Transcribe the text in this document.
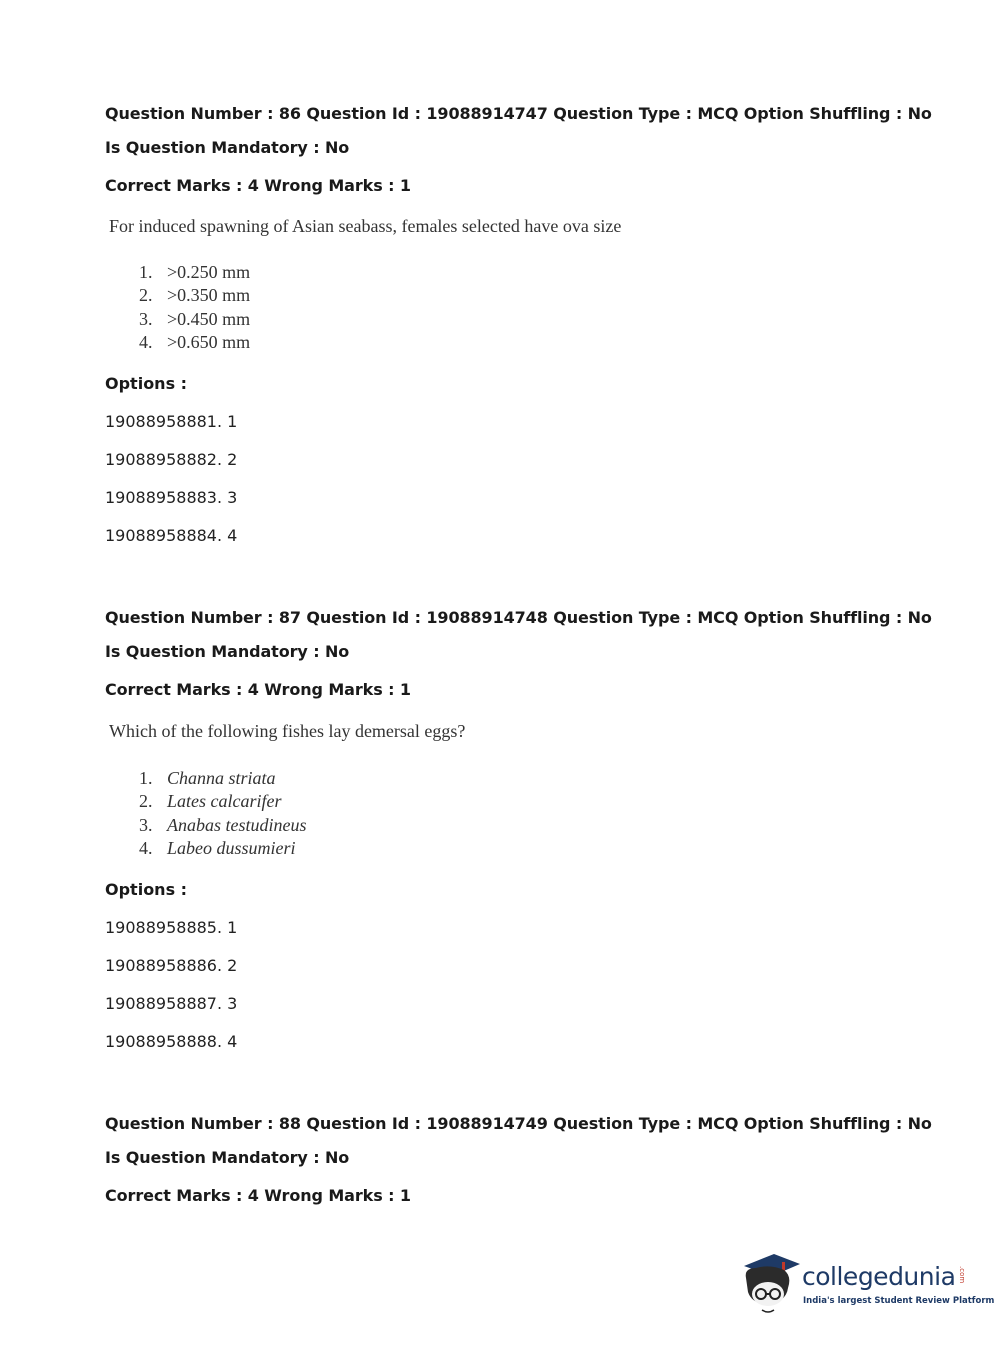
Question Number : 86 Question Id : 19088914747 Question Type : MCQ Option Shuffling : No
Is Question Mandatory : No
Correct Marks : 4 Wrong Marks : 1
For induced spawning of Asian seabass, females selected have ova size
1. >0.250 mm
2. >0.350 mm
3. >0.450 mm
4. >0.650 mm
Options :
19088958881. 1
19088958882. 2
19088958883. 3
19088958884. 4
Question Number : 87 Question Id : 19088914748 Question Type : MCQ Option Shuffling : No
Is Question Mandatory : No
Correct Marks : 4 Wrong Marks : 1
Which of the following fishes lay demersal eggs?
1. Channa striata
2. Lates calcarifer
3. Anabas testudineus
4. Labeo dussumieri
Options :
19088958885. 1
19088958886. 2
19088958887. 3
19088958888. 4
Question Number : 88 Question Id : 19088914749 Question Type : MCQ Option Shuffling : No
Is Question Mandatory : No
Correct Marks : 4 Wrong Marks : 1
collegedunia .com
India's largest Student Review Platform
